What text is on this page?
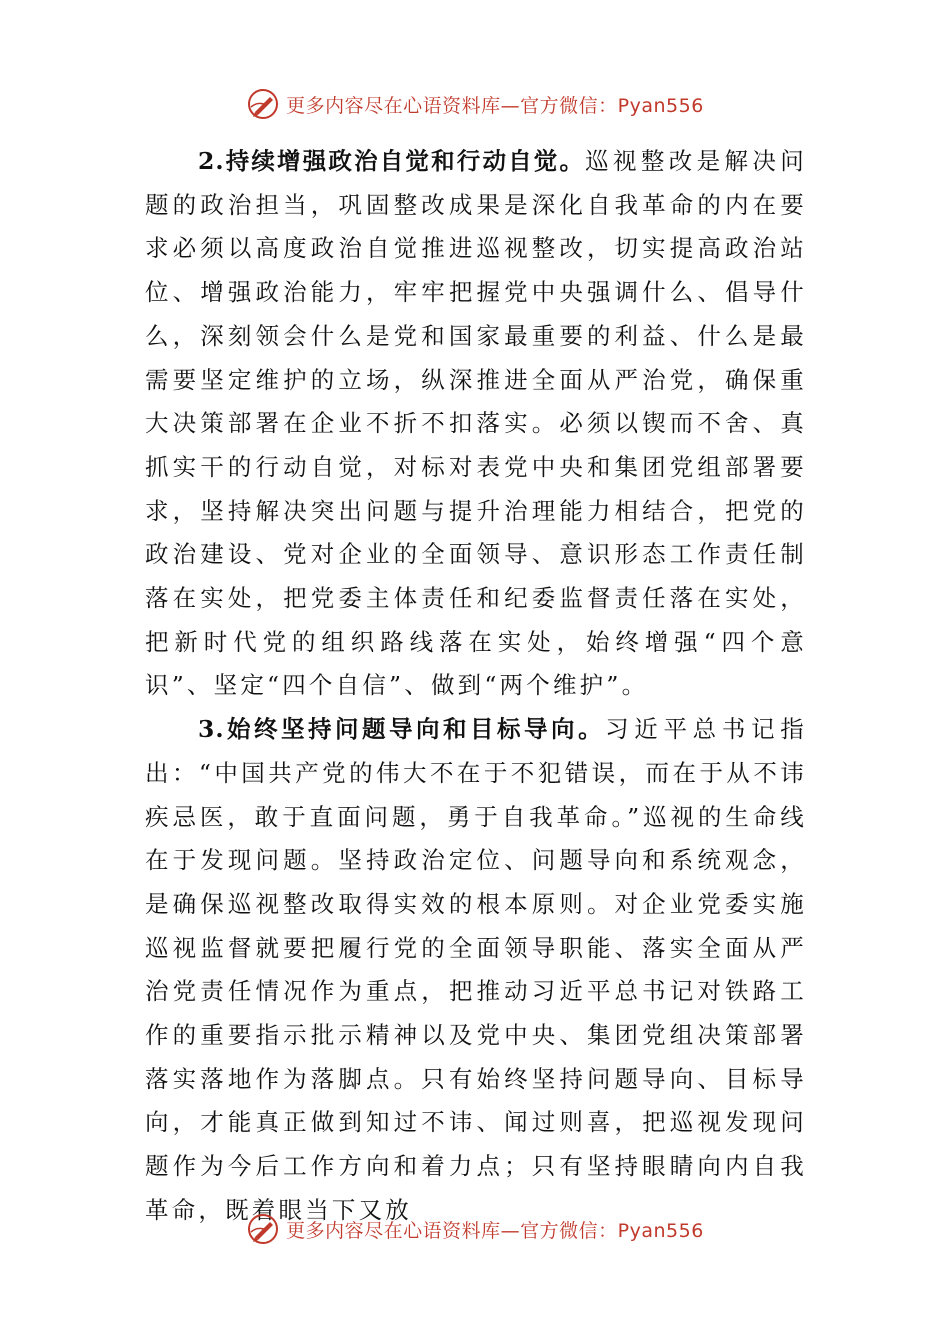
更多内容尽在心语资料库—官方微信：Pyan556

2.持续增强政治自觉和行动自觉。巡视整改是解决问题的政治担当，巩固整改成果是深化自我革命的内在要求必须以高度政治自觉推进巡视整改，切实提高政治站位、增强政治能力，牢牢把握党中央强调什么、倡导什么，深刻领会什么是党和国家最重要的利益、什么是最需要坚定维护的立场，纵深推进全面从严治党，确保重大决策部署在企业不折不扣落实。必须以锲而不舍、真抓实干的行动自觉，对标对表党中央和集团党组部署要求，坚持解决突出问题与提升治理能力相结合，把党的政治建设、党对企业的全面领导、意识形态工作责任制落在实处，把党委主体责任和纪委监督责任落在实处，把新时代党的组织路线落在实处，始终增强“四个意识”、坚定“四个自信”、做到“两个维护”。

3.始终坚持问题导向和目标导向。习近平总书记指出：“中国共产党的伟大不在于不犯错误，而在于从不讳疾忌医，敢于直面问题，勇于自我革命。”巡视的生命线在于发现问题。坚持政治定位、问题导向和系统观念，是确保巡视整改取得实效的根本原则。对企业党委实施巡视监督就要把履行党的全面领导职能、落实全面从严治党责任情况作为重点，把推动习近平总书记对铁路工作的重要指示批示精神以及党中央、集团党组决策部署落实落地作为落脚点。只有始终坚持问题导向、目标导向，才能真正做到知过不讳、闻过则喜，把巡视发现问题作为今后工作方向和着力点；只有坚持眼睛向内自我革命，既着眼当下又放

更多内容尽在心语资料库—官方微信：Pyan556
